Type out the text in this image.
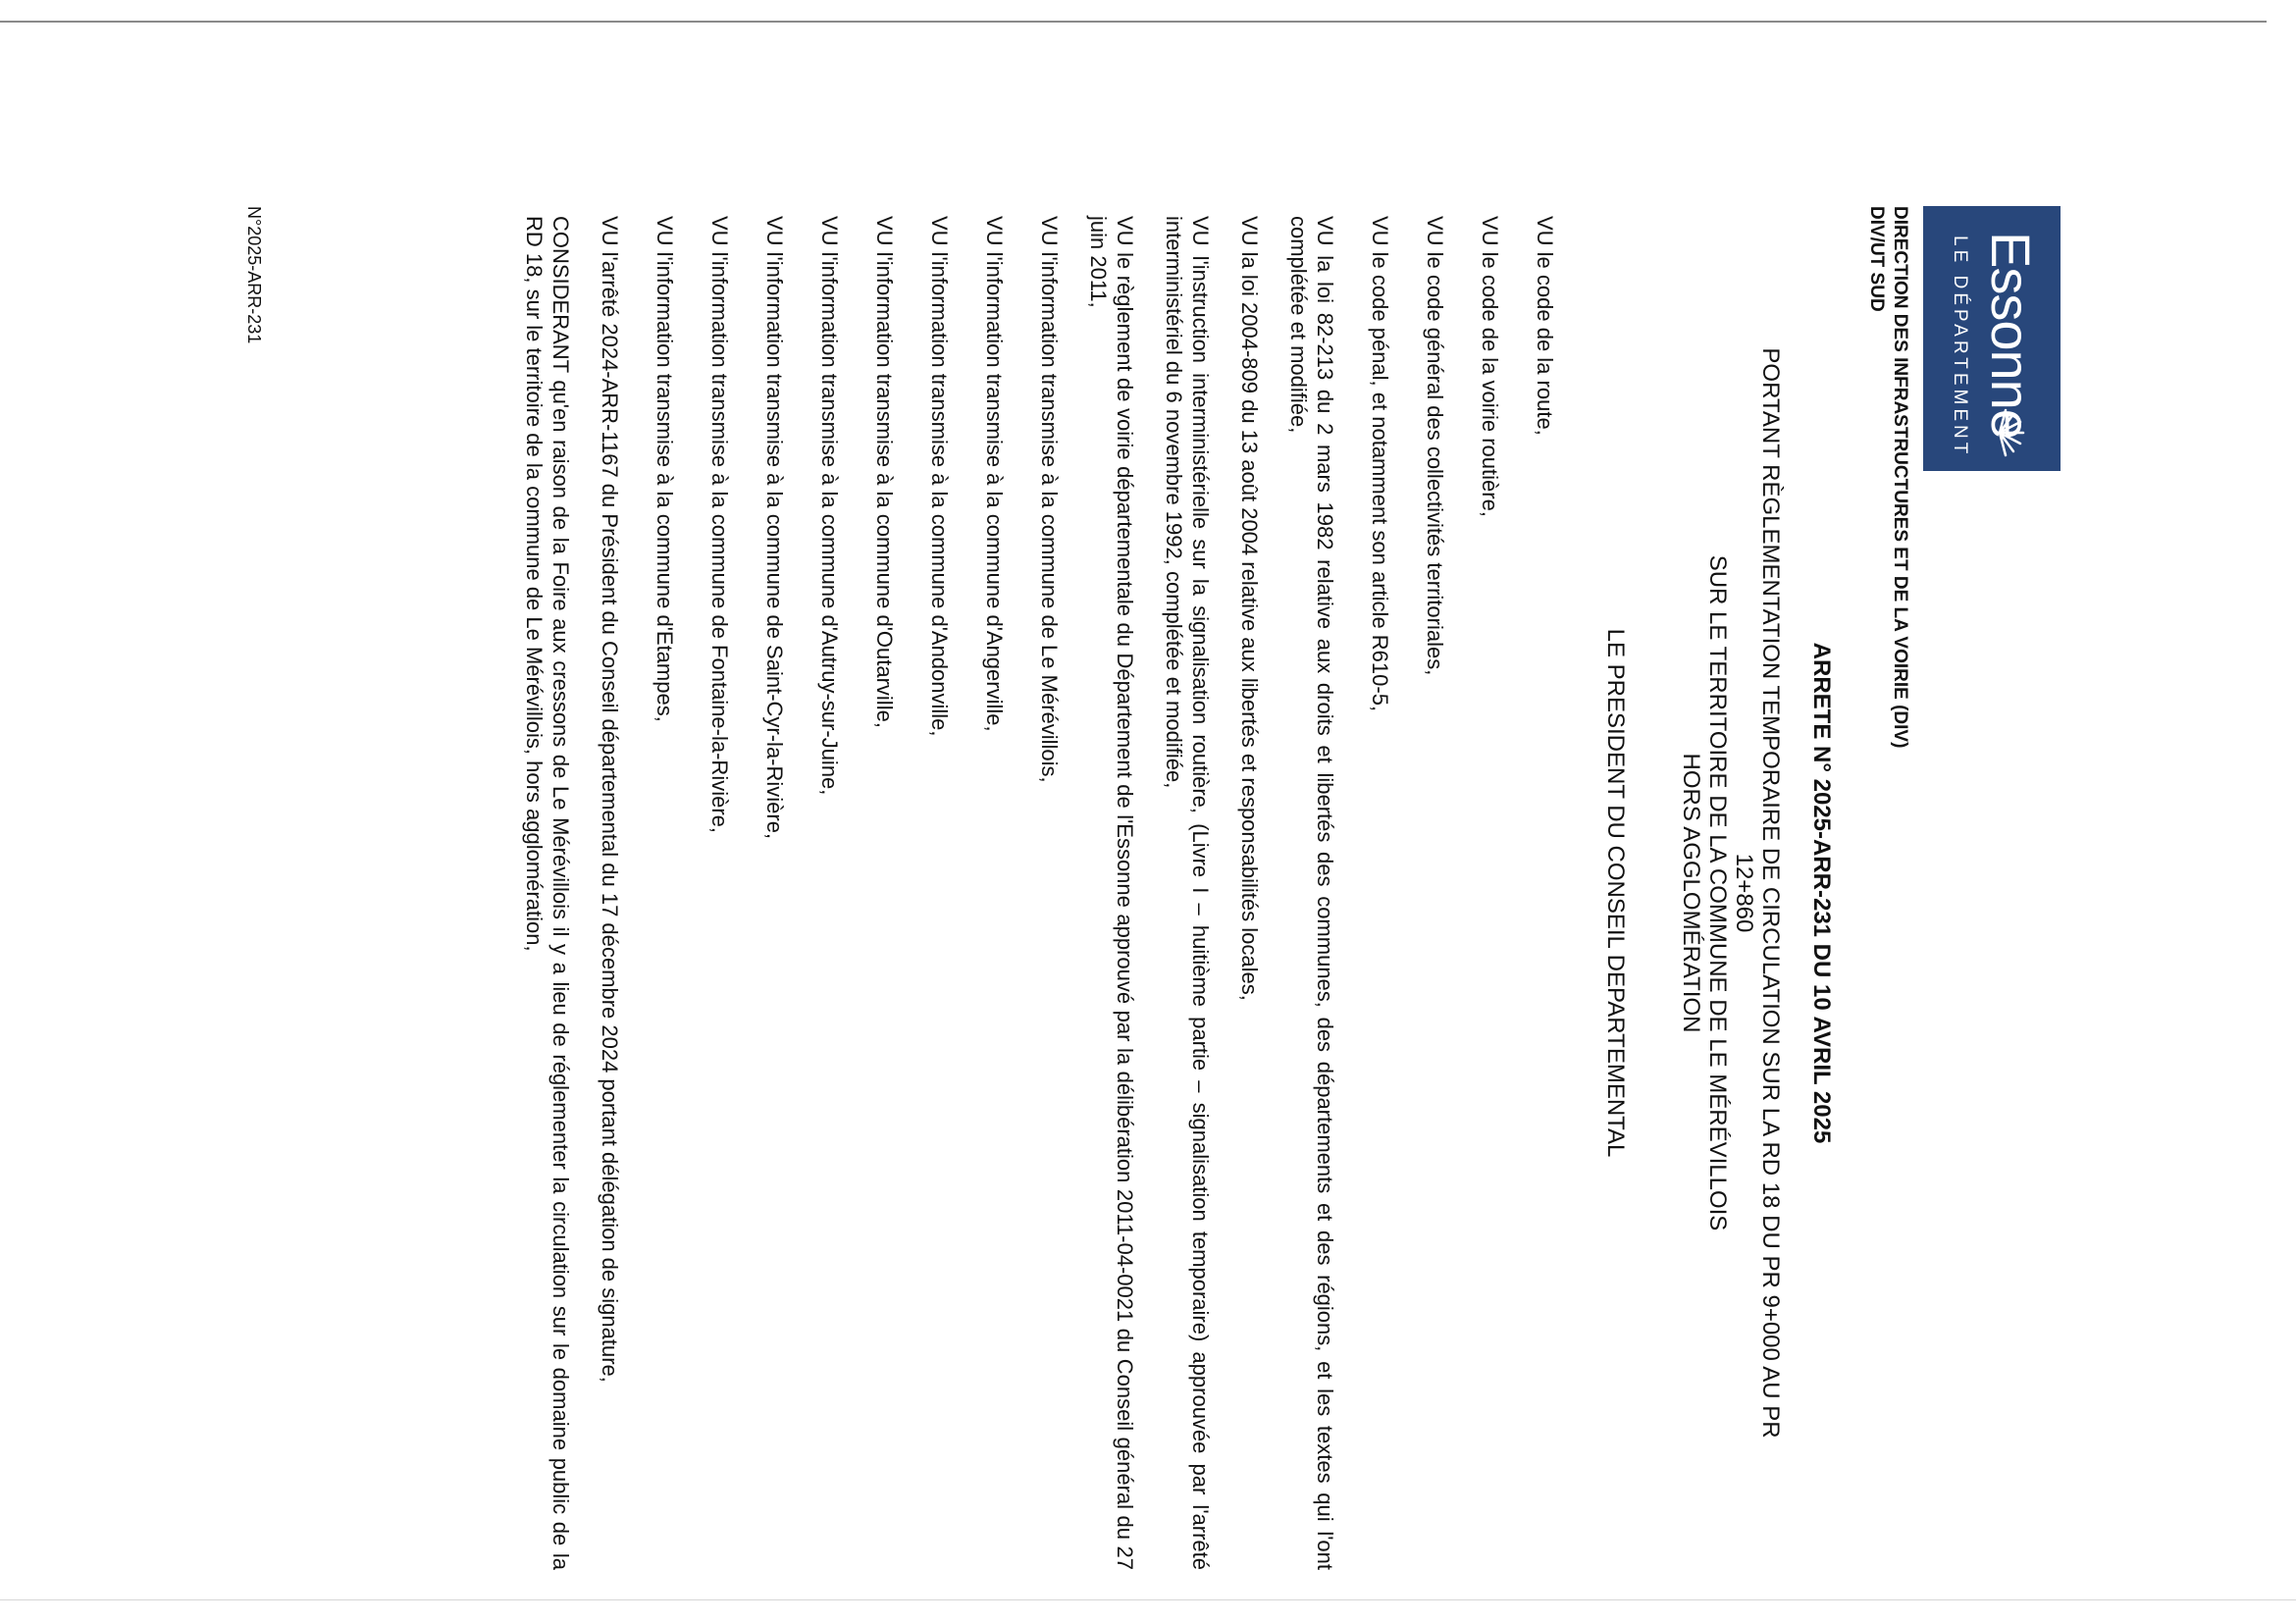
Essonne
LE DÉPARTEMENT
DIRECTION DES INFRASTRUCTURES ET DE LA VOIRIE (DIV)
DIV/UT SUD
ARRETE N° 2025-ARR-231 DU 10 AVRIL 2025
PORTANT RÈGLEMENTATION TEMPORAIRE DE CIRCULATION SUR LA RD 18 DU PR 9+000 AU PR
12+860
SUR LE TERRITOIRE DE LA COMMUNE DE LE MÉRÉVILLOIS
HORS AGGLOMÉRATION
LE PRESIDENT DU CONSEIL DEPARTEMENTAL

VU le code de la route,

VU le code de la voirie routière,

VU le code général des collectivités territoriales,

VU le code pénal, et notamment son article R610-5,

VU la loi 82-213 du 2 mars 1982 relative aux droits et libertés des communes, des départements et des régions, et les textes qui l'ont complétée et modifiée,

VU la loi 2004-809 du 13 août 2004 relative aux libertés et responsabilités locales,

VU l'instruction interministérielle sur la signalisation routière, (Livre I – huitième partie – signalisation temporaire) approuvée par l'arrêté interministériel du 6 novembre 1992, complétée et modifiée,

VU le règlement de voirie départementale du Département de l'Essonne approuvé par la délibération 2011-04-0021 du Conseil général du 27 juin 2011,

VU l'information transmise à la commune de Le Mérévillois,

VU l'information transmise à la commune d'Angerville,

VU l'information transmise à la commune d'Andonville,

VU l'information transmise à la commune d'Outarville,

VU l'information transmise à la commune d'Autruy-sur-Juine,

VU l'information transmise à la commune de Saint-Cyr-la-Rivière,

VU l'information transmise à la commune de Fontaine-la-Rivière,

VU l'information transmise à la commune d'Etampes,

VU l'arrêté 2024-ARR-1167 du Président du Conseil départemental du 17 décembre 2024 portant délégation de signature,

CONSIDERANT qu'en raison de la Foire aux cressons de Le Mérévillois il y a lieu de réglementer la circulation sur le domaine public de la RD 18, sur le territoire de la commune de Le Mérévillois, hors agglomération,

N°2025-ARR-231
